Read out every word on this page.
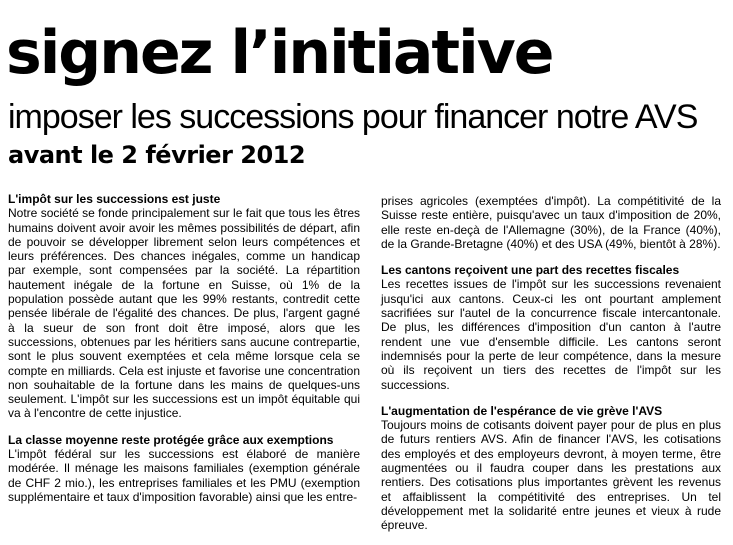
signez l’initiative
imposer les successions pour financer notre AVS
avant le 2 février 2012
L'impôt sur les successions est juste

Notre société se fonde principalement sur le fait que tous les êtres humains doivent avoir avoir les mêmes possibilités de départ, afin de pouvoir se développer librement selon leurs compétences et leurs préférences. Des chances inégales, comme un handicap par exemple, sont compensées par la société. La répartition hautement inégale de la fortune en Suisse, où 1% de la population possède autant que les 99% restants, contredit cette pensée libérale de l'égalité des chances. De plus, l'argent gagné à la sueur de son front doit être imposé, alors que les successions, obtenues par les héritiers sans aucune contrepartie, sont le plus souvent exemptées et cela même lorsque cela se compte en milliards. Cela est injuste et favorise une concentration non souhaitable de la fortune dans les mains de quelques-uns seulement. L'impôt sur les successions est un impôt équitable qui va à l'encontre de cette injustice.

La classe moyenne reste protégée grâce aux exemptions

L'impôt fédéral sur les successions est élaboré de manière modérée. Il ménage les maisons familiales (exemption générale de CHF 2 mio.), les entreprises familiales et les PMU (exemption supplémentaire et taux d'imposition favorable) ainsi que les entre-

prises agricoles (exemptées d'impôt). La compétitivité de la Suisse reste entière, puisqu'avec un taux d'imposition de 20%, elle reste en-deçà de l'Allemagne (30%), de la France (40%), de la Grande-Bretagne (40%) et des USA (49%, bientôt à 28%).

Les cantons reçoivent une part des recettes fiscales

Les recettes issues de l'impôt sur les successions revenaient jusqu'ici aux cantons. Ceux-ci les ont pourtant amplement sacrifiées sur l'autel de la concurrence fiscale intercantonale. De plus, les différences d'imposition d'un canton à l'autre rendent une vue d'ensemble difficile. Les cantons seront indemnisés pour la perte de leur compétence, dans la mesure où ils reçoivent un tiers des recettes de l'impôt sur les successions.

L'augmentation de l'espérance de vie grève l'AVS

Toujours moins de cotisants doivent payer pour de plus en plus de futurs rentiers AVS. Afin de financer l'AVS, les cotisations des employés et des employeurs devront, à moyen terme, être augmentées ou il faudra couper dans les prestations aux rentiers. Des cotisations plus importantes grèvent les revenus et affaiblissent la compétitivité des entreprises. Un tel développement met la solidarité entre jeunes et vieux à rude épreuve.
